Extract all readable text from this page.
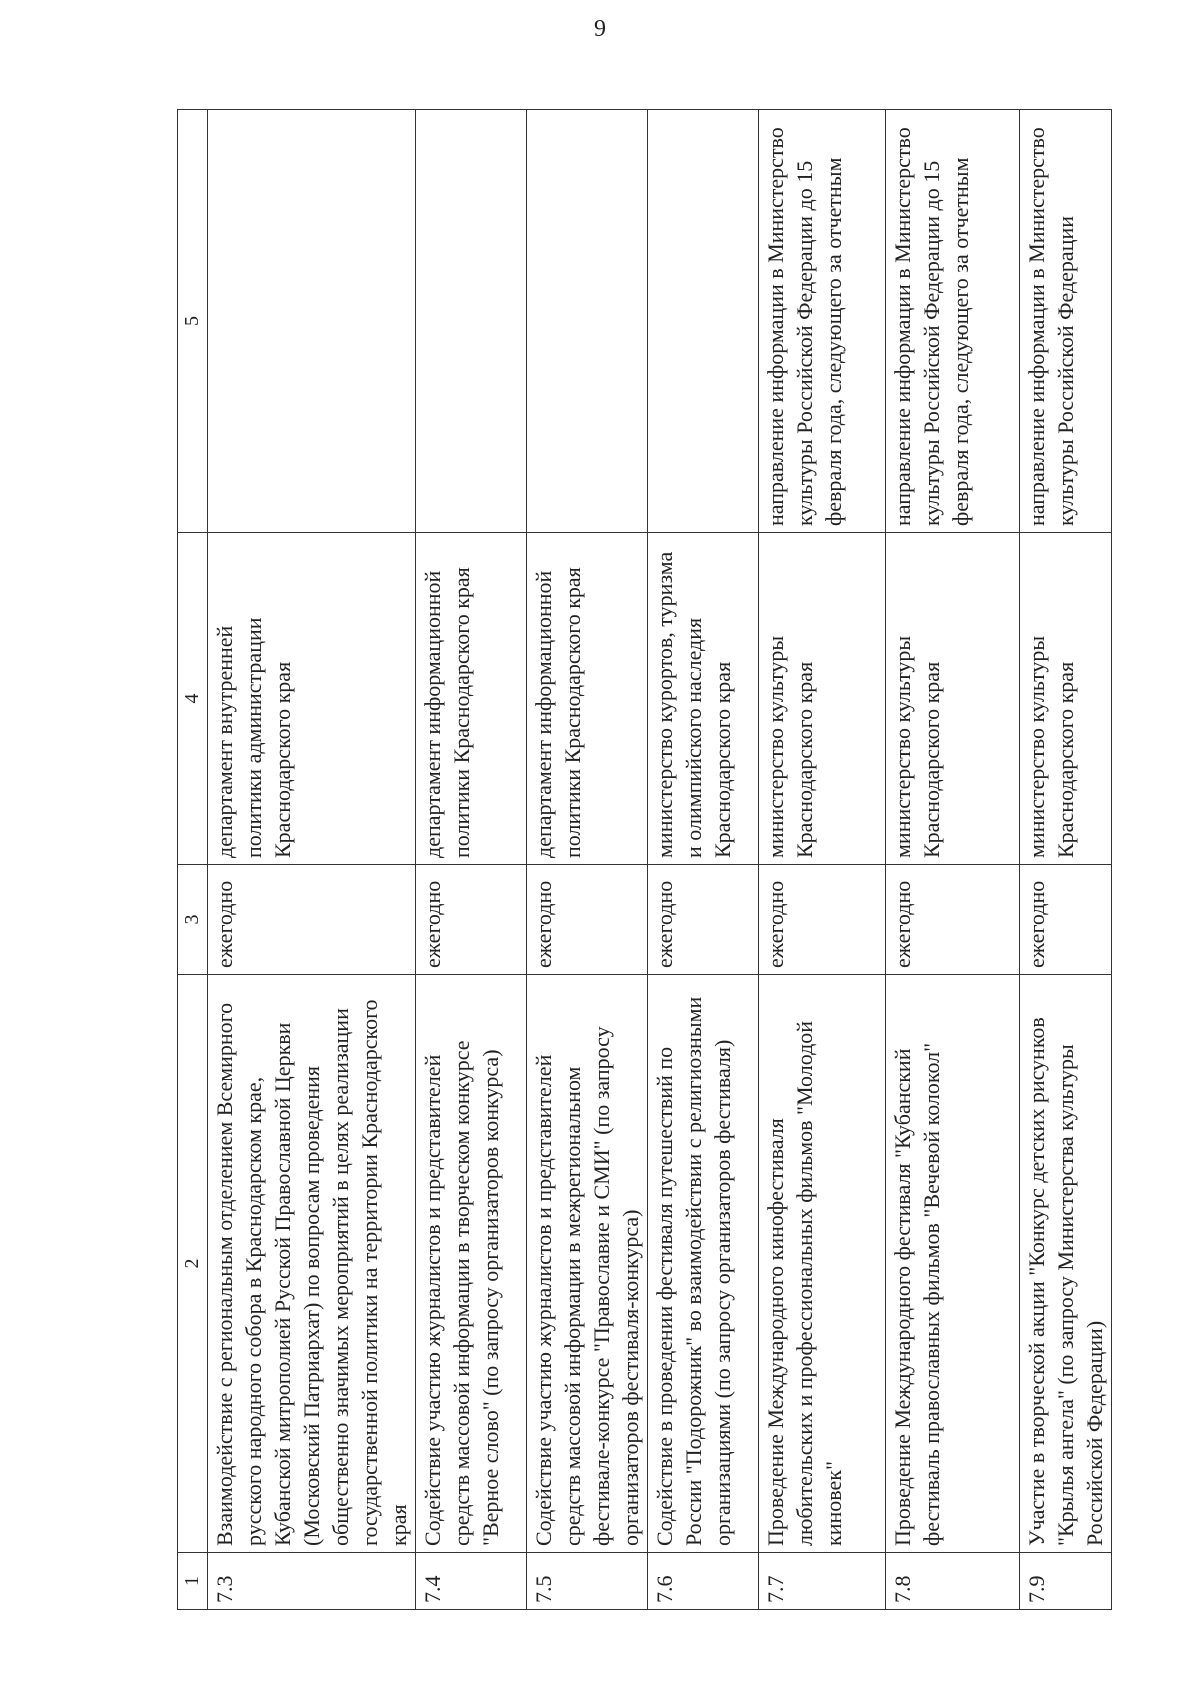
9
1	2	3	4	5
7.3	Взаимодействие с региональным отделением Всемирного русского народного собора в Краснодарском крае, Кубанской митрополией Русской Православной Церкви (Московский Патриархат) по вопросам проведения общественно значимых мероприятий в целях реализации государственной политики на территории Краснодарского края	ежегодно	департамент внутренней политики администрации Краснодарского края	
7.4	Содействие участию журналистов и представителей средств массовой информации в творческом конкурсе "Верное слово" (по запросу организаторов конкурса)	ежегодно	департамент информационной политики Краснодарского края	
7.5	Содействие участию журналистов и представителей средств массовой информации в межрегиональном фестивале-конкурсе "Православие и СМИ" (по запросу организаторов фестиваля-конкурса)	ежегодно	департамент информационной политики Краснодарского края	
7.6	Содействие в проведении фестиваля путешествий по России "Подорожник" во взаимодействии с религиозными организациями (по запросу организаторов фестиваля)	ежегодно	министерство курортов, туризма и олимпийского наследия Краснодарского края	
7.7	Проведение Международного кинофестиваля любительских и профессиональных фильмов "Молодой киновек"	ежегодно	министерство культуры Краснодарского края	направление информации в Министерство культуры Российской Федерации до 15 февраля года, следующего за отчетным
7.8	Проведение Международного фестиваля "Кубанский фестиваль православных фильмов "Вечевой колокол"	ежегодно	министерство культуры Краснодарского края	направление информации в Министерство культуры Российской Федерации до 15 февраля года, следующего за отчетным
7.9	Участие в творческой акции "Конкурс детских рисунков "Крылья ангела" (по запросу Министерства культуры Российской Федерации)	ежегодно	министерство культуры Краснодарского края	направление информации в Министерство культуры Российской Федерации
